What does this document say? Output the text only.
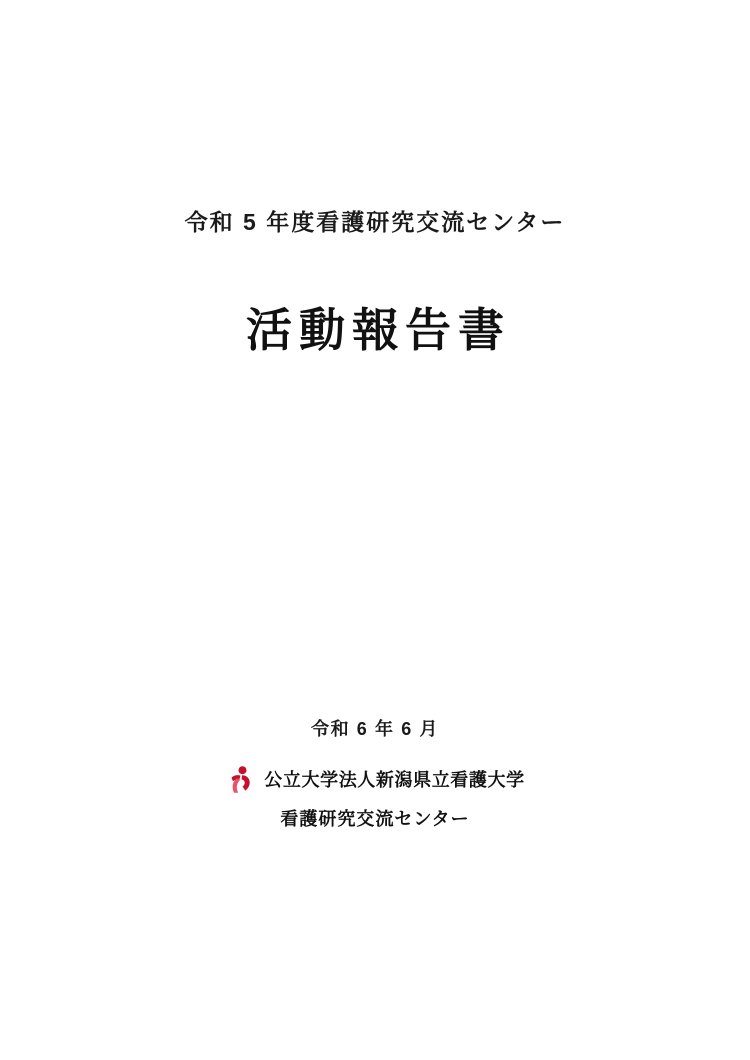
令和 5 年度看護研究交流センター
活動報告書
令和 6 年 6 月
公立大学法人新潟県立看護大学
看護研究交流センター
